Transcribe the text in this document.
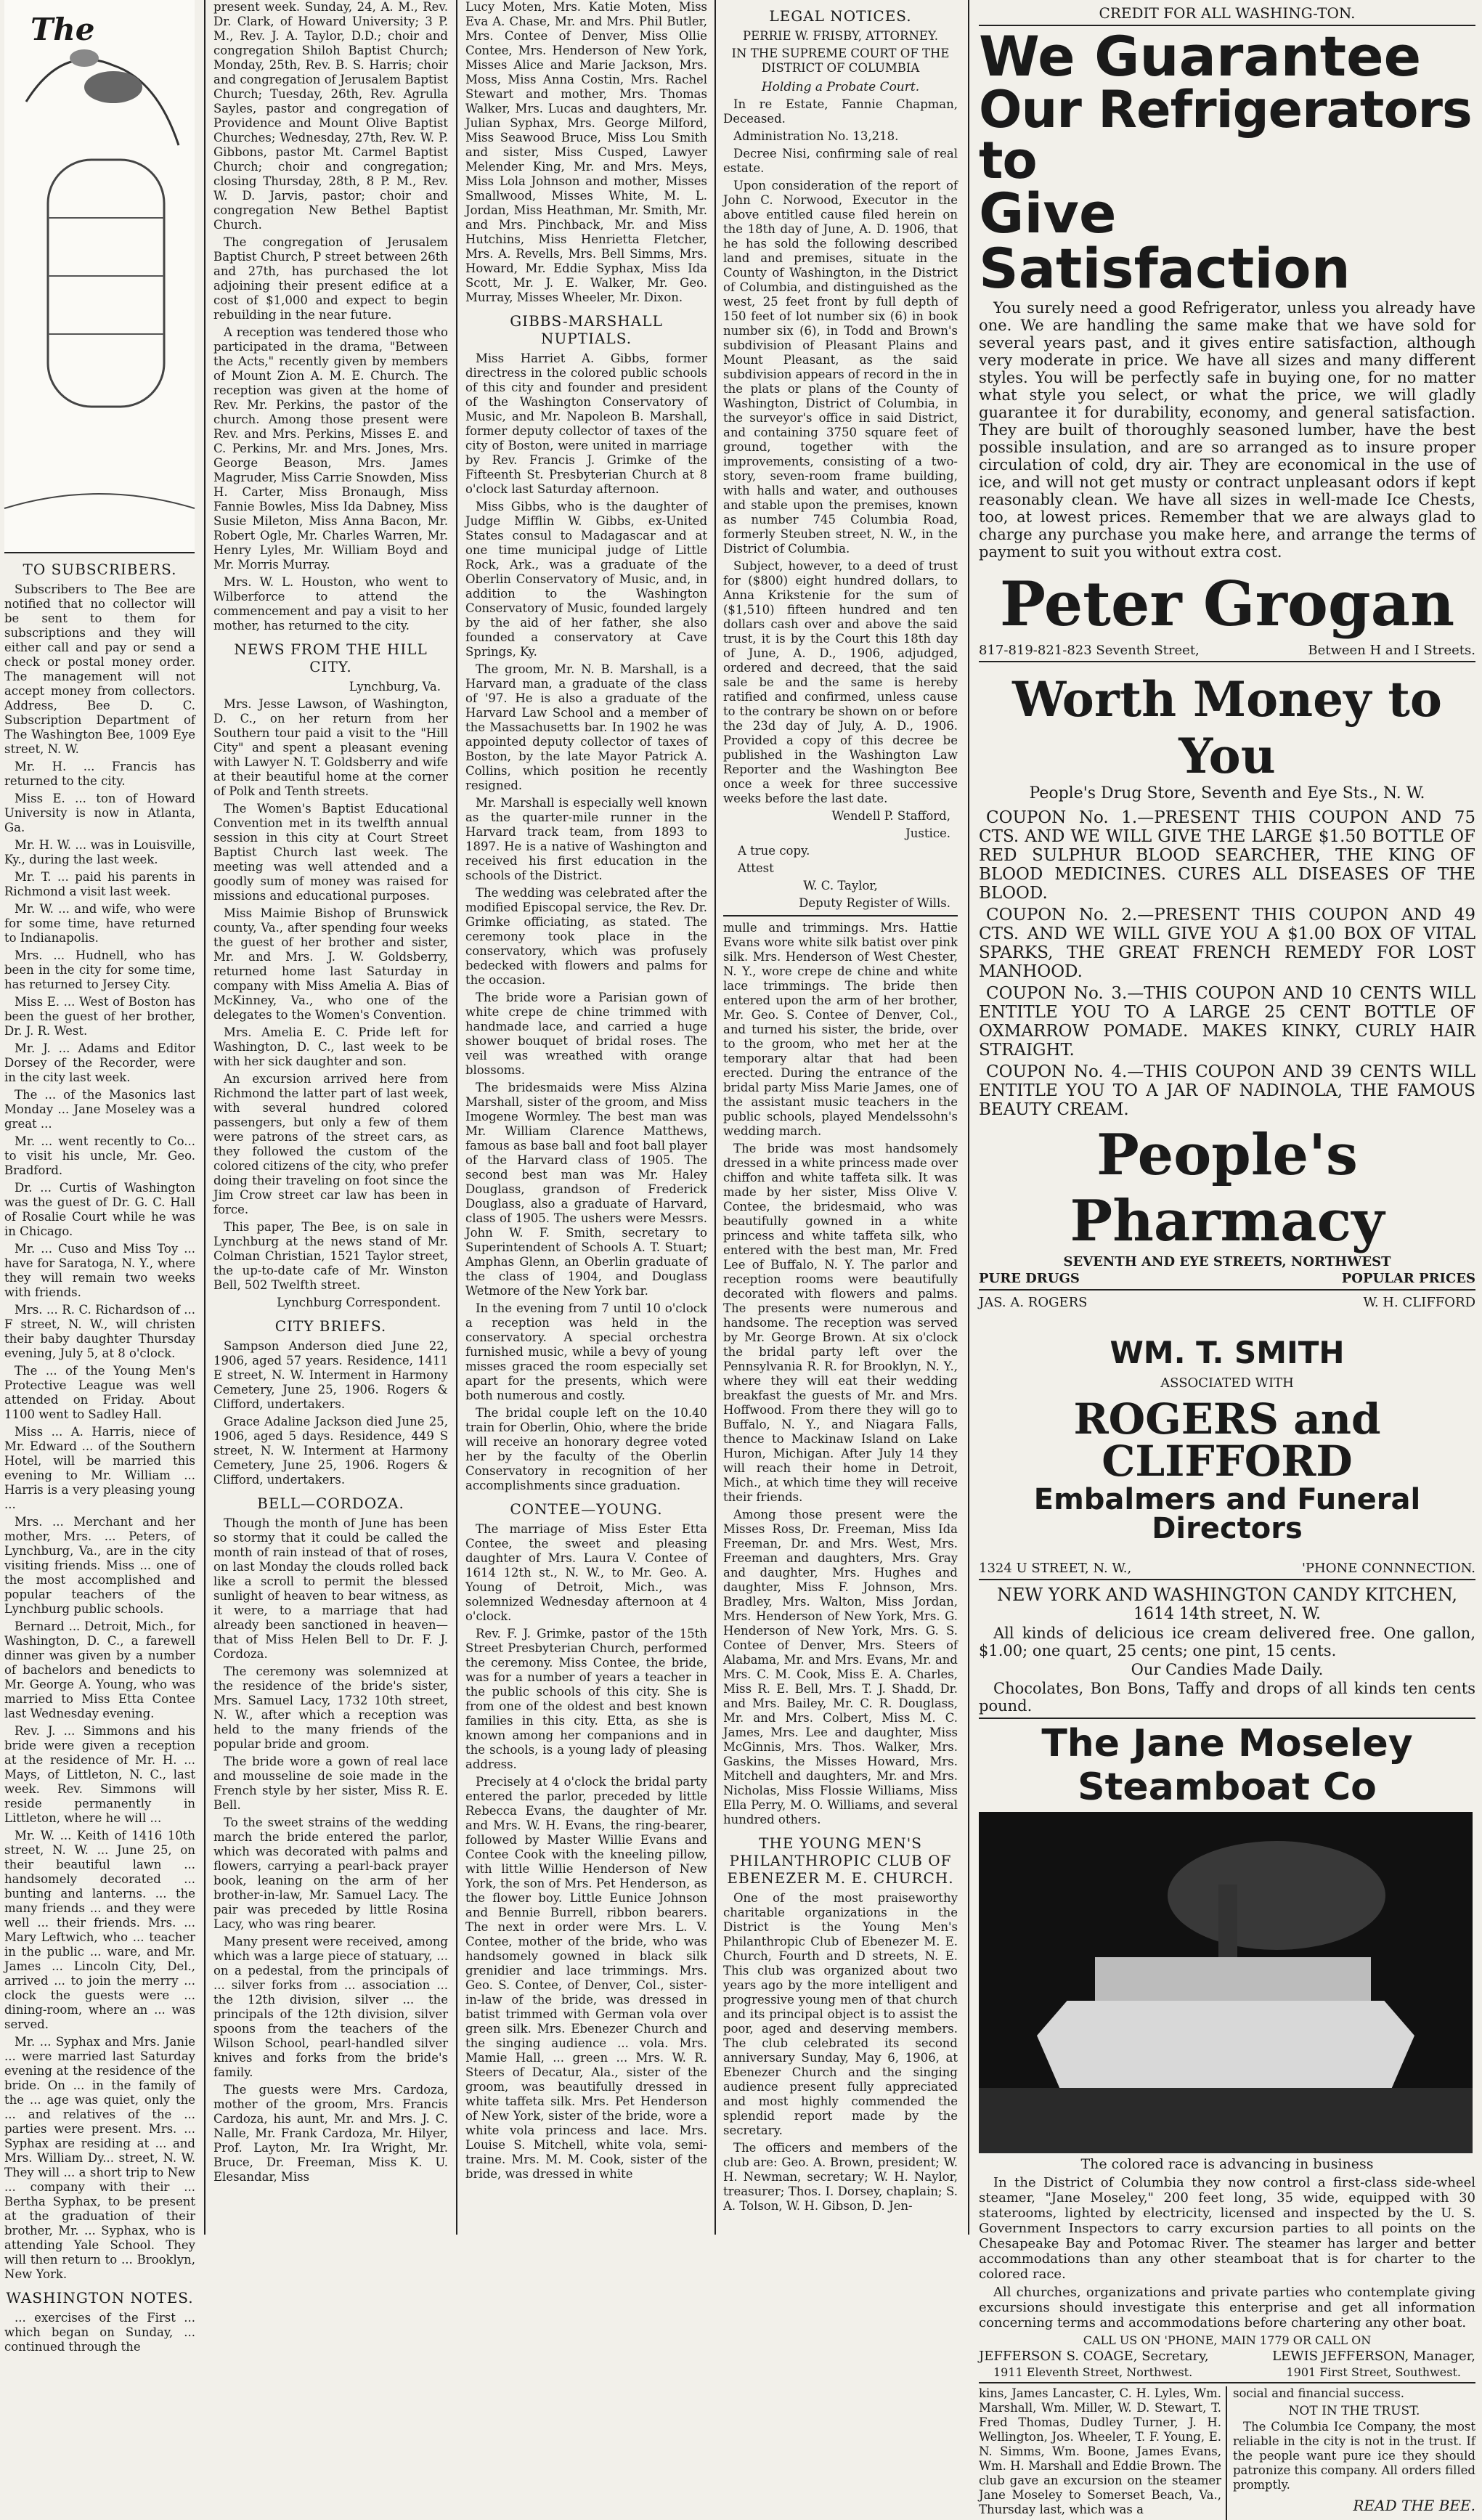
The
TO SUBSCRIBERS.

Subscribers to The Bee are notified that no collector will be sent to them for subscriptions and they will either call and pay or send a check or postal money order. The management will not accept money from collectors. Address, Bee D. C. Subscription Department of The Washington Bee, 1009 Eye street, N. W.

Mr. H. ... Francis has returned to the city.

Miss E. ... ton of Howard University is now in Atlanta, Ga.

Mr. H. W. ... was in Louisville, Ky., during the last week.

Mr. T. ... paid his parents in Richmond a visit last week.

Mr. W. ... and wife, who were for some time, have returned to Indianapolis.

Mrs. ... Hudnell, who has been in the city for some time, has returned to Jersey City.

Miss E. ... West of Boston has been the guest of her brother, Dr. J. R. West.

Mr. J. ... Adams and Editor Dorsey of the Recorder, were in the city last week.

The ... of the Masonics last Monday ... Jane Moseley was a great ...

Mr. ... went recently to Co... to visit his uncle, Mr. Geo. Bradford.

Dr. ... Curtis of Washington was the guest of Dr. G. C. Hall of Rosalie Court while he was in Chicago.

Mr. ... Cuso and Miss Toy ... have for Saratoga, N. Y., where they will remain two weeks with friends.

Mrs. ... R. C. Richardson of ... F street, N. W., will christen their baby daughter Thursday evening, July 5, at 8 o'clock.

The ... of the Young Men's Protective League was well attended on Friday. About 1100 went to Sadley Hall.

Miss ... A. Harris, niece of Mr. Edward ... of the Southern Hotel, will be married this evening to Mr. William ... Harris is a very pleasing young ...

Mrs. ... Merchant and her mother, Mrs. ... Peters, of Lynchburg, Va., are in the city visiting friends. Miss ... one of the most accomplished and popular teachers of the Lynchburg public schools.

Bernard ... Detroit, Mich., for Washington, D. C., a farewell dinner was given by a number of bachelors and benedicts to Mr. George A. Young, who was married to Miss Etta Contee last Wednesday evening.

Rev. J. ... Simmons and his bride were given a reception at the residence of Mr. H. ... Mays, of Littleton, N. C., last week. Rev. Simmons will reside permanently in Littleton, where he will ...

Mr. W. ... Keith of 1416 10th street, N. W. ... June 25, on their beautiful lawn ... handsomely decorated ... bunting and lanterns. ... the many friends ... and they were well ... their friends. Mrs. ... Mary Leftwich, who ... teacher in the public ... ware, and Mr. James ... Lincoln City, Del., arrived ... to join the merry ... clock the guests were ... dining-room, where an ... was served.

Mr. ... Syphax and Mrs. Janie ... were married last Saturday evening at the residence of the bride. On ... in the family of the ... age was quiet, only the ... and relatives of the ... parties were present. Mrs. ... Syphax are residing at ... and Mrs. William Dy... street, N. W. They will ... a short trip to New ... company with their ... Bertha Syphax, to be present at the graduation of their brother, Mr. ... Syphax, who is attending Yale School. They will then return to ... Brooklyn, New York.

WASHINGTON NOTES.

... exercises of the First ... which began on Sunday, ... continued through the

present week. Sunday, 24, A. M., Rev. Dr. Clark, of Howard University; 3 P. M., Rev. J. A. Taylor, D.D.; choir and congregation Shiloh Baptist Church; Monday, 25th, Rev. B. S. Harris; choir and congregation of Jerusalem Baptist Church; Tuesday, 26th, Rev. Agrulla Sayles, pastor and congregation of Providence and Mount Olive Baptist Churches; Wednesday, 27th, Rev. W. P. Gibbons, pastor Mt. Carmel Baptist Church; choir and congregation; closing Thursday, 28th, 8 P. M., Rev. W. D. Jarvis, pastor; choir and congregation New Bethel Baptist Church.

The congregation of Jerusalem Baptist Church, P street between 26th and 27th, has purchased the lot adjoining their present edifice at a cost of $1,000 and expect to begin rebuilding in the near future.

A reception was tendered those who participated in the drama, "Between the Acts," recently given by members of Mount Zion A. M. E. Church. The reception was given at the home of Rev. Mr. Perkins, the pastor of the church. Among those present were Rev. and Mrs. Perkins, Misses E. and C. Perkins, Mr. and Mrs. Jones, Mrs. George Beason, Mrs. James Magruder, Miss Carrie Snowden, Miss H. Carter, Miss Bronaugh, Miss Fannie Bowles, Miss Ida Dabney, Miss Susie Mileton, Miss Anna Bacon, Mr. Robert Ogle, Mr. Charles Warren, Mr. Henry Lyles, Mr. William Boyd and Mr. Morris Murray.

Mrs. W. L. Houston, who went to Wilberforce to attend the commencement and pay a visit to her mother, has returned to the city.

NEWS FROM THE HILL CITY.

Lynchburg, Va.

Mrs. Jesse Lawson, of Washington, D. C., on her return from her Southern tour paid a visit to the "Hill City" and spent a pleasant evening with Lawyer N. T. Goldsberry and wife at their beautiful home at the corner of Polk and Tenth streets.

The Women's Baptist Educational Convention met in its twelfth annual session in this city at Court Street Baptist Church last week. The meeting was well attended and a goodly sum of money was raised for missions and educational purposes.

Miss Maimie Bishop of Brunswick county, Va., after spending four weeks the guest of her brother and sister, Mr. and Mrs. J. W. Goldsberry, returned home last Saturday in company with Miss Amelia A. Bias of McKinney, Va., who one of the delegates to the Women's Convention.

Mrs. Amelia E. C. Pride left for Washington, D. C., last week to be with her sick daughter and son.

An excursion arrived here from Richmond the latter part of last week, with several hundred colored passengers, but only a few of them were patrons of the street cars, as they followed the custom of the colored citizens of the city, who prefer doing their traveling on foot since the Jim Crow street car law has been in force.

This paper, The Bee, is on sale in Lynchburg at the news stand of Mr. Colman Christian, 1521 Taylor street, the up-to-date cafe of Mr. Winston Bell, 502 Twelfth street.

Lynchburg Correspondent.

CITY BRIEFS.

Sampson Anderson died June 22, 1906, aged 57 years. Residence, 1411 E street, N. W. Interment in Harmony Cemetery, June 25, 1906. Rogers & Clifford, undertakers.

Grace Adaline Jackson died June 25, 1906, aged 5 days. Residence, 449 S street, N. W. Interment at Harmony Cemetery, June 25, 1906. Rogers & Clifford, undertakers.

BELL—CORDOZA.

Though the month of June has been so stormy that it could be called the month of rain instead of that of roses, on last Monday the clouds rolled back like a scroll to permit the blessed sunlight of heaven to bear witness, as it were, to a marriage that had already been sanctioned in heaven—that of Miss Helen Bell to Dr. F. J. Cordoza.

The ceremony was solemnized at the residence of the bride's sister, Mrs. Samuel Lacy, 1732 10th street, N. W., after which a reception was held to the many friends of the popular bride and groom.

The bride wore a gown of real lace and mousseline de soie made in the French style by her sister, Miss R. E. Bell.

To the sweet strains of the wedding march the bride entered the parlor, which was decorated with palms and flowers, carrying a pearl-back prayer book, leaning on the arm of her brother-in-law, Mr. Samuel Lacy. The pair was preceded by little Rosina Lacy, who was ring bearer.

Many present were received, among which was a large piece of statuary, ... on a pedestal, from the principals of ... silver forks from ... association ... the 12th division, silver ... the principals of the 12th division, silver spoons from the teachers of the Wilson School, pearl-handled silver knives and forks from the bride's family.

The guests were Mrs. Cardoza, mother of the groom, Mrs. Francis Cardoza, his aunt, Mr. and Mrs. J. C. Nalle, Mr. Frank Cardoza, Mr. Hilyer, Prof. Layton, Mr. Ira Wright, Mr. Bruce, Dr. Freeman, Miss K. U. Elesandar, Miss

Lucy Moten, Mrs. Katie Moten, Miss Eva A. Chase, Mr. and Mrs. Phil Butler, Mrs. Contee of Denver, Miss Ollie Contee, Mrs. Henderson of New York, Misses Alice and Marie Jackson, Mrs. Moss, Miss Anna Costin, Mrs. Rachel Stewart and mother, Mrs. Thomas Walker, Mrs. Lucas and daughters, Mr. Julian Syphax, Mrs. George Milford, Miss Seawood Bruce, Miss Lou Smith and sister, Miss Cusped, Lawyer Melender King, Mr. and Mrs. Meys, Miss Lola Johnson and mother, Misses Smallwood, Misses White, M. L. Jordan, Miss Heathman, Mr. Smith, Mr. and Mrs. Pinchback, Mr. and Miss Hutchins, Miss Henrietta Fletcher, Mrs. A. Revells, Mrs. Bell Simms, Mrs. Howard, Mr. Eddie Syphax, Miss Ida Scott, Mr. J. E. Walker, Mr. Geo. Murray, Misses Wheeler, Mr. Dixon.

GIBBS-MARSHALL NUPTIALS.

Miss Harriet A. Gibbs, former directress in the colored public schools of this city and founder and president of the Washington Conservatory of Music, and Mr. Napoleon B. Marshall, former deputy collector of taxes of the city of Boston, were united in marriage by Rev. Francis J. Grimke of the Fifteenth St. Presbyterian Church at 8 o'clock last Saturday afternoon.

Miss Gibbs, who is the daughter of Judge Mifflin W. Gibbs, ex-United States consul to Madagascar and at one time municipal judge of Little Rock, Ark., was a graduate of the Oberlin Conservatory of Music, and, in addition to the Washington Conservatory of Music, founded largely by the aid of her father, she also founded a conservatory at Cave Springs, Ky.

The groom, Mr. N. B. Marshall, is a Harvard man, a graduate of the class of '97. He is also a graduate of the Harvard Law School and a member of the Massachusetts bar. In 1902 he was appointed deputy collector of taxes of Boston, by the late Mayor Patrick A. Collins, which position he recently resigned.

Mr. Marshall is especially well known as the quarter-mile runner in the Harvard track team, from 1893 to 1897. He is a native of Washington and received his first education in the schools of the District.

The wedding was celebrated after the modified Episcopal service, the Rev. Dr. Grimke officiating, as stated. The ceremony took place in the conservatory, which was profusely bedecked with flowers and palms for the occasion.

The bride wore a Parisian gown of white crepe de chine trimmed with handmade lace, and carried a huge shower bouquet of bridal roses. The veil was wreathed with orange blossoms.

The bridesmaids were Miss Alzina Marshall, sister of the groom, and Miss Imogene Wormley. The best man was Mr. William Clarence Matthews, famous as base ball and foot ball player of the Harvard class of 1905. The second best man was Mr. Haley Douglass, grandson of Frederick Douglass, also a graduate of Harvard, class of 1905. The ushers were Messrs. John W. F. Smith, secretary to Superintendent of Schools A. T. Stuart; Amphas Glenn, an Oberlin graduate of the class of 1904, and Douglass Wetmore of the New York bar.

In the evening from 7 until 10 o'clock a reception was held in the conservatory. A special orchestra furnished music, while a bevy of young misses graced the room especially set apart for the presents, which were both numerous and costly.

The bridal couple left on the 10.40 train for Oberlin, Ohio, where the bride will receive an honorary degree voted her by the faculty of the Oberlin Conservatory in recognition of her accomplishments since graduation.

CONTEE—YOUNG.

The marriage of Miss Ester Etta Contee, the sweet and pleasing daughter of Mrs. Laura V. Contee of 1614 12th st., N. W., to Mr. Geo. A. Young of Detroit, Mich., was solemnized Wednesday afternoon at 4 o'clock.

Rev. F. J. Grimke, pastor of the 15th Street Presbyterian Church, performed the ceremony. Miss Contee, the bride, was for a number of years a teacher in the public schools of this city. She is from one of the oldest and best known families in this city. Etta, as she is known among her companions and in the schools, is a young lady of pleasing address.

Precisely at 4 o'clock the bridal party entered the parlor, preceded by little Rebecca Evans, the daughter of Mr. and Mrs. W. H. Evans, the ring-bearer, followed by Master Willie Evans and Contee Cook with the kneeling pillow, with little Willie Henderson of New York, the son of Mrs. Pet Henderson, as the flower boy. Little Eunice Johnson and Bennie Burrell, ribbon bearers. The next in order were Mrs. L. V. Contee, mother of the bride, who was handsomely gowned in black silk grenidier and lace trimmings. Mrs. Geo. S. Contee, of Denver, Col., sister-in-law of the bride, was dressed in batist trimmed with German vola over green silk. Mrs. Ebenezer Church and the singing audience ... vola. Mrs. Mamie Hall, ... green ... Mrs. W. R. Steers of Decatur, Ala., sister of the groom, was beautifully dressed in white taffeta silk. Mrs. Pet Henderson of New York, sister of the bride, wore a white vola princess and lace. Mrs. Louise S. Mitchell, white vola, semi-traine. Mrs. M. M. Cook, sister of the bride, was dressed in white

LEGAL NOTICES.

PERRIE W. FRISBY, ATTORNEY.

IN THE SUPREME COURT OF THE DISTRICT OF COLUMBIA

Holding a Probate Court.

In re Estate, Fannie Chapman, Deceased.

Administration No. 13,218.

Decree Nisi, confirming sale of real estate.

Upon consideration of the report of John C. Norwood, Executor in the above entitled cause filed herein on the 18th day of June, A. D. 1906, that he has sold the following described land and premises, situate in the County of Washington, in the District of Columbia, and distinguished as the west, 25 feet front by full depth of 150 feet of lot number six (6) in book number six (6), in Todd and Brown's subdivision of Pleasant Plains and Mount Pleasant, as the said subdivision appears of record in the in the plats or plans of the County of Washington, District of Columbia, in the surveyor's office in said District, and containing 3750 square feet of ground, together with the improvements, consisting of a two-story, seven-room frame building, with halls and water, and outhouses and stable upon the premises, known as number 745 Columbia Road, formerly Steuben street, N. W., in the District of Columbia.

Subject, however, to a deed of trust for ($800) eight hundred dollars, to Anna Krikstenie for the sum of ($1,510) fifteen hundred and ten dollars cash over and above the said trust, it is by the Court this 18th day of June, A. D., 1906, adjudged, ordered and decreed, that the said sale be and the same is hereby ratified and confirmed, unless cause to the contrary be shown on or before the 23d day of July, A. D., 1906. Provided a copy of this decree be published in the Washington Law Reporter and the Washington Bee once a week for three successive weeks before the last date.

Wendell P. Stafford,

Justice.

A true copy.

Attest

W. C. Taylor,

Deputy Register of Wills.

mulle and trimmings. Mrs. Hattie Evans wore white silk batist over pink silk. Mrs. Henderson of West Chester, N. Y., wore crepe de chine and white lace trimmings. The bride then entered upon the arm of her brother, Mr. Geo. S. Contee of Denver, Col., and turned his sister, the bride, over to the groom, who met her at the temporary altar that had been erected. During the entrance of the bridal party Miss Marie James, one of the assistant music teachers in the public schools, played Mendelssohn's wedding march.

The bride was most handsomely dressed in a white princess made over chiffon and white taffeta silk. It was made by her sister, Miss Olive V. Contee, the bridesmaid, who was beautifully gowned in a white princess and white taffeta silk, who entered with the best man, Mr. Fred Lee of Buffalo, N. Y. The parlor and reception rooms were beautifully decorated with flowers and palms. The presents were numerous and handsome. The reception was served by Mr. George Brown. At six o'clock the bridal party left over the Pennsylvania R. R. for Brooklyn, N. Y., where they will eat their wedding breakfast the guests of Mr. and Mrs. Hoffwood. From there they will go to Buffalo, N. Y., and Niagara Falls, thence to Mackinaw Island on Lake Huron, Michigan. After July 14 they will reach their home in Detroit, Mich., at which time they will receive their friends.

Among those present were the Misses Ross, Dr. Freeman, Miss Ida Freeman, Dr. and Mrs. West, Mrs. Freeman and daughters, Mrs. Gray and daughter, Mrs. Hughes and daughter, Miss F. Johnson, Mrs. Bradley, Mrs. Walton, Miss Jordan, Mrs. Henderson of New York, Mrs. G. Henderson of New York, Mrs. G. S. Contee of Denver, Mrs. Steers of Alabama, Mr. and Mrs. Evans, Mr. and Mrs. C. M. Cook, Miss E. A. Charles, Miss R. E. Bell, Mrs. T. J. Shadd, Dr. and Mrs. Bailey, Mr. C. R. Douglass, Mr. and Mrs. Colbert, Miss M. C. James, Mrs. Lee and daughter, Miss McGinnis, Mrs. Thos. Walker, Mrs. Gaskins, the Misses Howard, Mrs. Mitchell and daughters, Mr. and Mrs. Nicholas, Miss Flossie Williams, Miss Ella Perry, M. O. Williams, and several hundred others.

THE YOUNG MEN'S PHILANTHROPIC CLUB OF EBENEZER M. E. CHURCH.

One of the most praiseworthy charitable organizations in the District is the Young Men's Philanthropic Club of Ebenezer M. E. Church, Fourth and D streets, N. E. This club was organized about two years ago by the more intelligent and progressive young men of that church and its principal object is to assist the poor, aged and deserving members. The club celebrated its second anniversary Sunday, May 6, 1906, at Ebenezer Church and the singing audience present fully appreciated and most highly commended the splendid report made by the secretary.

The officers and members of the club are: Geo. A. Brown, president; W. H. Newman, secretary; W. H. Naylor, treasurer; Thos. I. Dorsey, chaplain; S. A. Tolson, W. H. Gibson, D. Jen-

CREDIT FOR ALL WASHING-TON.
We Guarantee
Our Refrigerators to
Give Satisfaction

You surely need a good Refrigerator, unless you already have one. We are handling the same make that we have sold for several years past, and it gives entire satisfaction, although very moderate in price. We have all sizes and many different styles. You will be perfectly safe in buying one, for no matter what style you select, or what the price, we will gladly guarantee it for durability, economy, and general satisfaction. They are built of thoroughly seasoned lumber, have the best possible insulation, and are so arranged as to insure proper circulation of cold, dry air. They are economical in the use of ice, and will not get musty or contract unpleasant odors if kept reasonably clean. We have all sizes in well-made Ice Chests, too, at lowest prices. Remember that we are always glad to charge any purchase you make here, and arrange the terms of payment to suit you without extra cost.

Peter Grogan
817-819-821-823 Seventh Street,	Between H and I Streets.
Worth Money to You
People's Drug Store, Seventh and Eye Sts., N. W.

COUPON No. 1.—PRESENT THIS COUPON AND 75 CTS. AND WE WILL GIVE THE LARGE $1.50 BOTTLE OF RED SULPHUR BLOOD SEARCHER, THE KING OF BLOOD MEDICINES. CURES ALL DISEASES OF THE BLOOD.

COUPON No. 2.—PRESENT THIS COUPON AND 49 CTS. AND WE WILL GIVE YOU A $1.00 BOX OF VITAL SPARKS, THE GREAT FRENCH REMEDY FOR LOST MANHOOD.

COUPON No. 3.—THIS COUPON AND 10 CENTS WILL ENTITLE YOU TO A LARGE 25 CENT BOTTLE OF OXMARROW POMADE. MAKES KINKY, CURLY HAIR STRAIGHT.

COUPON No. 4.—THIS COUPON AND 39 CENTS WILL ENTITLE YOU TO A JAR OF NADINOLA, THE FAMOUS BEAUTY CREAM.

People's Pharmacy
SEVENTH AND EYE STREETS, NORTHWEST
PURE DRUGS	POPULAR PRICES
JAS. A. ROGERS	W. H. CLIFFORD
WM. T. SMITH
ASSOCIATED WITH
ROGERS and CLIFFORD
Embalmers and Funeral Directors
1324 U STREET, N. W.,	'PHONE CONNNECTION.
NEW YORK AND WASHINGTON CANDY KITCHEN,
1614 14th street, N. W.

All kinds of delicious ice cream delivered free. One gallon, $1.00; one quart, 25 cents; one pint, 15 cents.

Our Candies Made Daily.

Chocolates, Bon Bons, Taffy and drops of all kinds ten cents pound.

The Jane Moseley Steamboat Co
The colored race is advancing in business

In the District of Columbia they now control a first-class side-wheel steamer, "Jane Moseley," 200 feet long, 35 wide, equipped with 30 staterooms, lighted by electricity, licensed and inspected by the U. S. Government Inspectors to carry excursion parties to all points on the Chesapeake Bay and Potomac River. The steamer has larger and better accommodations than any other steamboat that is for charter to the colored race.

All churches, organizations and private parties who contemplate giving excursions should investigate this enterprise and get all information concerning terms and accommodations before chartering any other boat.

CALL US ON 'PHONE, MAIN 1779 OR CALL ON
JEFFERSON S. COAGE, Secretary,	LEWIS JEFFERSON, Manager,
1911 Eleventh Street, Northwest.	1901 First Street, Southwest.

kins, James Lancaster, C. H. Lyles, Wm. Marshall, Wm. Miller, W. D. Stewart, T. Fred Thomas, Dudley Turner, J. H. Wellington, Jos. Wheeler, T. F. Young, E. N. Simms, Wm. Boone, James Evans, Wm. H. Marshall and Eddie Brown. The club gave an excursion on the steamer Jane Moseley to Somerset Beach, Va., Thursday last, which was a

social and financial success.

NOT IN THE TRUST.

The Columbia Ice Company, the most reliable in the city is not in the trust. If the people want pure ice they should patronize this company. All orders filled promptly.

READ THE BEE.
